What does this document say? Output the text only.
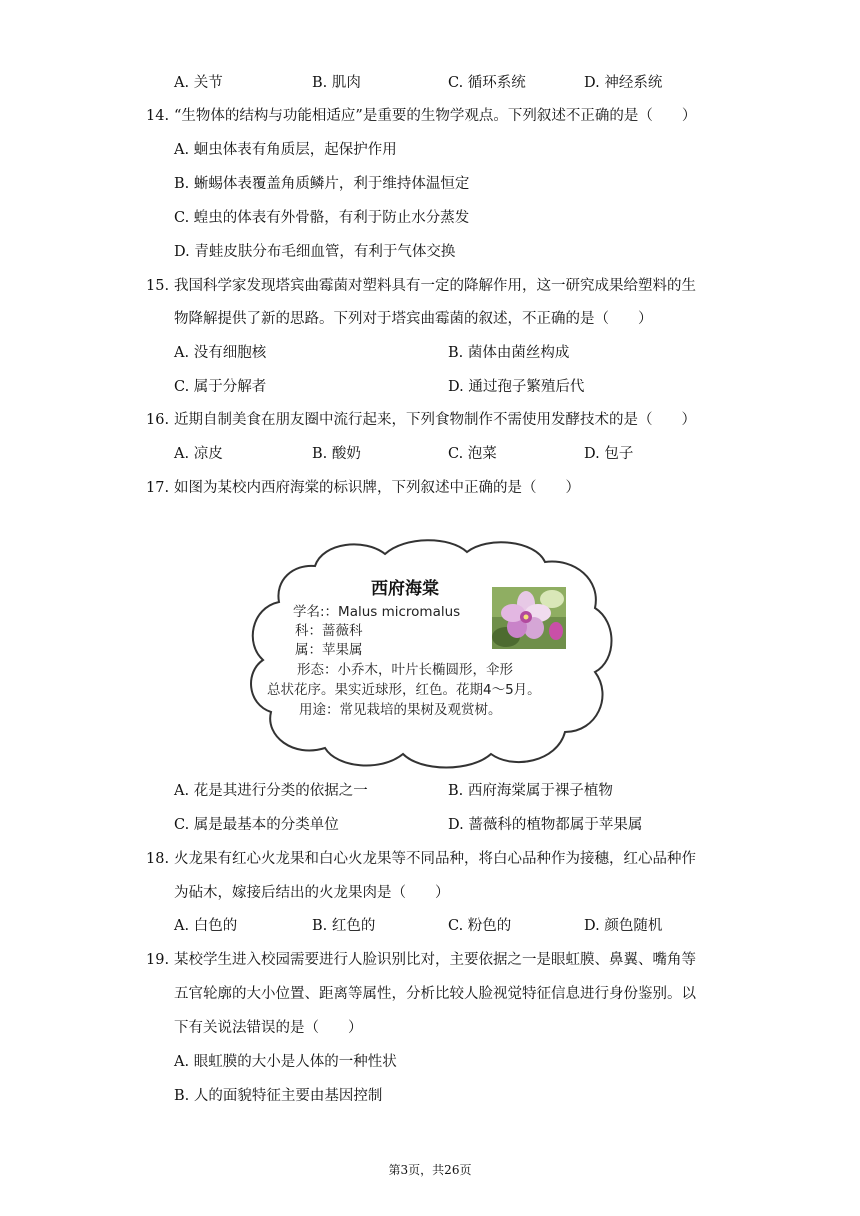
A. 关节	B. 肌肉	C. 循环系统	D. 神经系统
14. “生物体的结构与功能相适应”是重要的生物学观点。下列叙述不正确的是（　　）
A. 蛔虫体表有角质层，起保护作用
B. 蜥蜴体表覆盖角质鳞片，利于维持体温恒定
C. 蝗虫的体表有外骨骼，有利于防止水分蒸发
D. 青蛙皮肤分布毛细血管，有利于气体交换
15. 我国科学家发现塔宾曲霉菌对塑料具有一定的降解作用，这一研究成果给塑料的生
物降解提供了新的思路。下列对于塔宾曲霉菌的叙述，不正确的是（　　）
A. 没有细胞核	B. 菌体由菌丝构成
C. 属于分解者	D. 通过孢子繁殖后代
16. 近期自制美食在朋友圈中流行起来，下列食物制作不需使用发酵技术的是（　　）
A. 凉皮	B. 酸奶	C. 泡菜	D. 包子
17. 如图为某校内西府海棠的标识牌，下列叙述中正确的是（　　）
西府海棠
学名:：Malus micromalus
科：蔷薇科
属：苹果属
形态：小乔木，叶片长椭圆形，伞形
总状花序。果实近球形，红色。花期4～5月。
用途：常见栽培的果树及观赏树。
A. 花是其进行分类的依据之一	B. 西府海棠属于裸子植物
C. 属是最基本的分类单位	D. 蔷薇科的植物都属于苹果属
18. 火龙果有红心火龙果和白心火龙果等不同品种，将白心品种作为接穗，红心品种作
为砧木，嫁接后结出的火龙果肉是（　　）
A. 白色的	B. 红色的	C. 粉色的	D. 颜色随机
19. 某校学生进入校园需要进行人脸识别比对，主要依据之一是眼虹膜、鼻翼、嘴角等
五官轮廓的大小位置、距离等属性，分析比较人脸视觉特征信息进行身份鉴别。以
下有关说法错误的是（　　）
A. 眼虹膜的大小是人体的一种性状
B. 人的面貌特征主要由基因控制
第3页，共26页
